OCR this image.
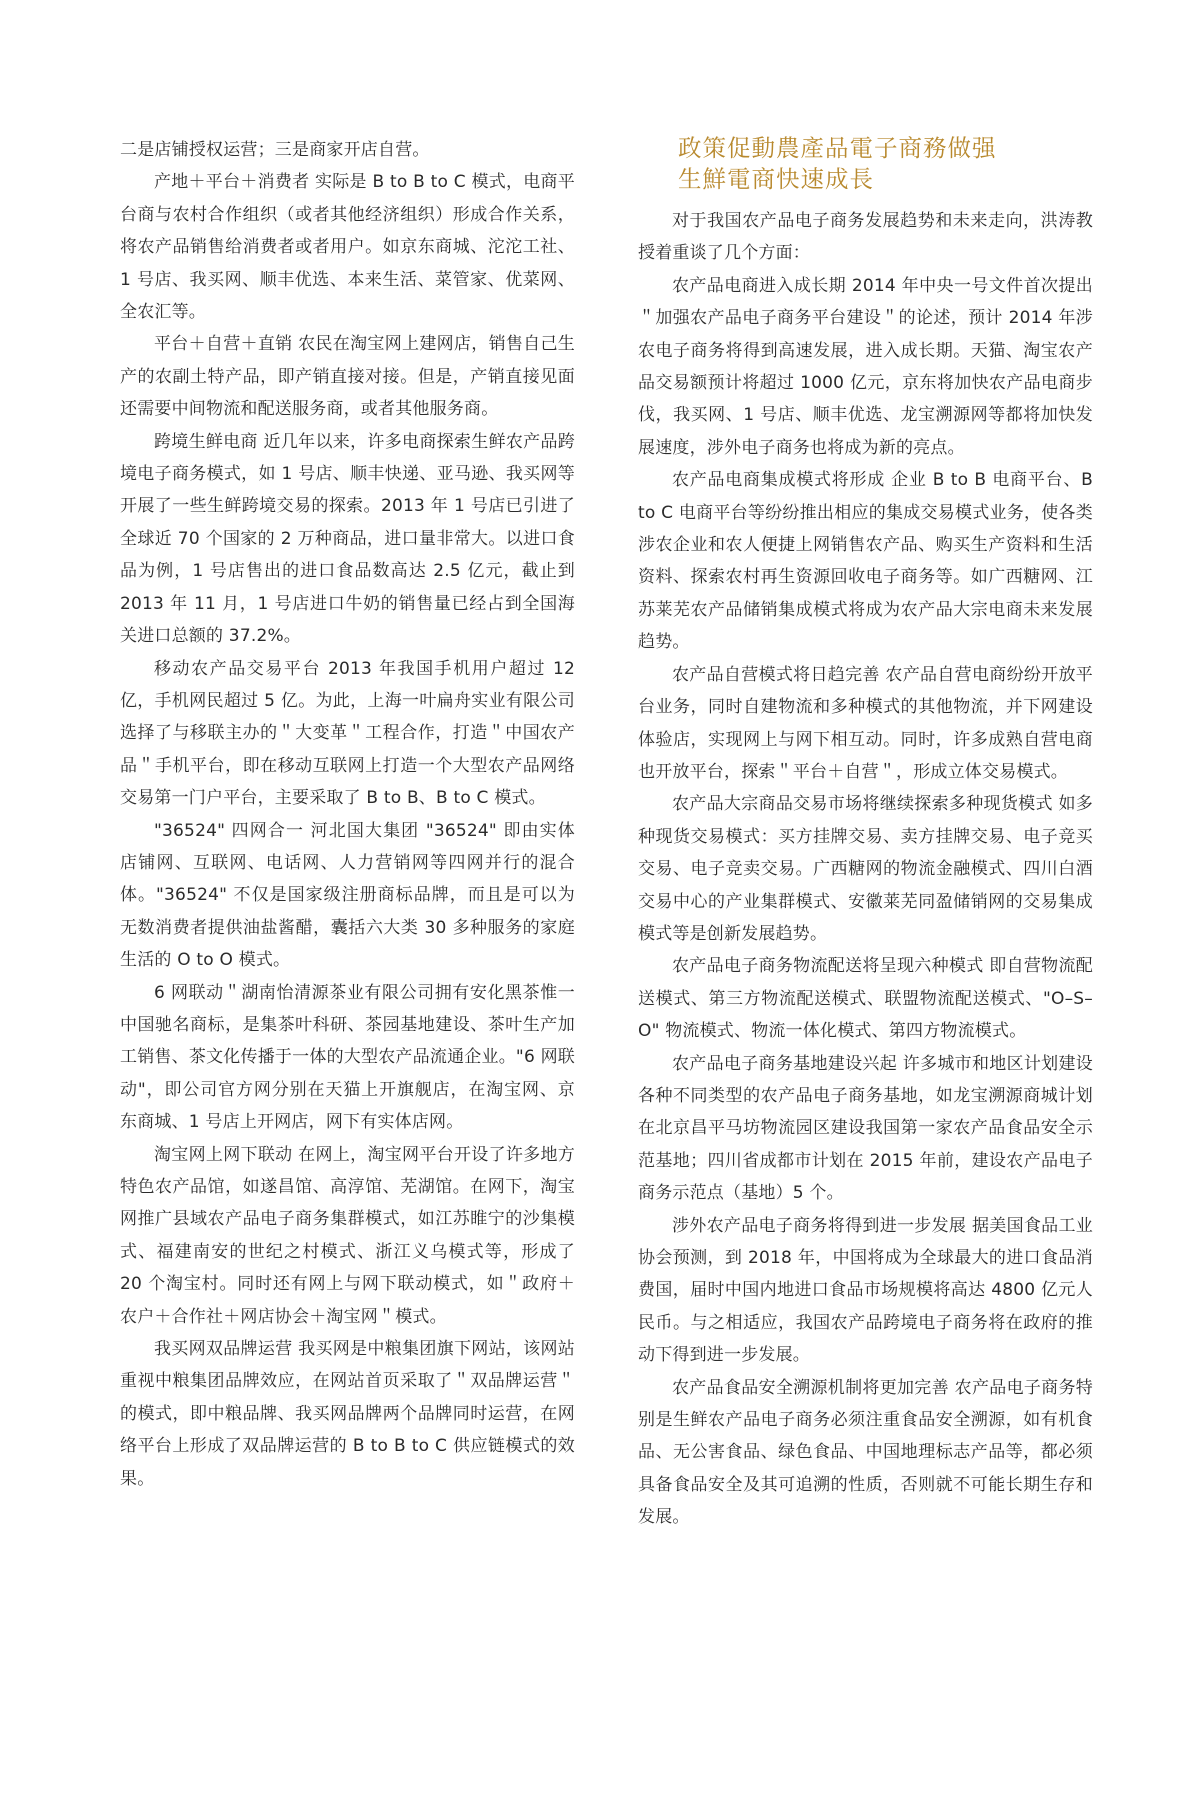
二是店铺授权运营；三是商家开店自营。

产地＋平台＋消费者 实际是 B to B to C 模式，电商平台商与农村合作组织（或者其他经济组织）形成合作关系，将农产品销售给消费者或者用户。如京东商城、沱沱工社、1 号店、我买网、顺丰优选、本来生活、菜管家、优菜网、全农汇等。

平台＋自营＋直销 农民在淘宝网上建网店，销售自己生产的农副土特产品，即产销直接对接。但是，产销直接见面还需要中间物流和配送服务商，或者其他服务商。

跨境生鲜电商 近几年以来，许多电商探索生鲜农产品跨境电子商务模式，如 1 号店、顺丰快递、亚马逊、我买网等开展了一些生鲜跨境交易的探索。2013 年 1 号店已引进了全球近 70 个国家的 2 万种商品，进口量非常大。以进口食品为例，1 号店售出的进口食品数高达 2.5 亿元，截止到 2013 年 11 月，1 号店进口牛奶的销售量已经占到全国海关进口总额的 37.2%。

移动农产品交易平台 2013 年我国手机用户超过 12 亿，手机网民超过 5 亿。为此，上海一叶扁舟实业有限公司选择了与移联主办的＂大变革＂工程合作，打造＂中国农产品＂手机平台，即在移动互联网上打造一个大型农产品网络交易第一门户平台，主要采取了 B to B、B to C 模式。

"36524" 四网合一 河北国大集团 "36524" 即由实体店铺网、互联网、电话网、人力营销网等四网并行的混合体。"36524" 不仅是国家级注册商标品牌，而且是可以为无数消费者提供油盐酱醋，囊括六大类 30 多种服务的家庭生活的 O to O 模式。

6 网联动＂湖南怡清源茶业有限公司拥有安化黑茶惟一中国驰名商标，是集茶叶科研、茶园基地建设、茶叶生产加工销售、茶文化传播于一体的大型农产品流通企业。"6 网联动"，即公司官方网分别在天猫上开旗舰店，在淘宝网、京东商城、1 号店上开网店，网下有实体店网。

淘宝网上网下联动 在网上，淘宝网平台开设了许多地方特色农产品馆，如遂昌馆、高淳馆、芜湖馆。在网下，淘宝网推广县域农产品电子商务集群模式，如江苏睢宁的沙集模式、福建南安的世纪之村模式、浙江义乌模式等，形成了 20 个淘宝村。同时还有网上与网下联动模式，如＂政府＋农户＋合作社＋网店协会＋淘宝网＂模式。

我买网双品牌运营 我买网是中粮集团旗下网站，该网站重视中粮集团品牌效应，在网站首页采取了＂双品牌运营＂的模式，即中粮品牌、我买网品牌两个品牌同时运营，在网络平台上形成了双品牌运营的 B to B to C 供应链模式的效果。

政策促動農產品電子商務做强
生鮮電商快速成長

对于我国农产品电子商务发展趋势和未来走向，洪涛教授着重谈了几个方面：

农产品电商进入成长期 2014 年中央一号文件首次提出＂加强农产品电子商务平台建设＂的论述，预计 2014 年涉农电子商务将得到高速发展，进入成长期。天猫、淘宝农产品交易额预计将超过 1000 亿元，京东将加快农产品电商步伐，我买网、1 号店、顺丰优选、龙宝溯源网等都将加快发展速度，涉外电子商务也将成为新的亮点。

农产品电商集成模式将形成 企业 B to B 电商平台、B to C 电商平台等纷纷推出相应的集成交易模式业务，使各类涉农企业和农人便捷上网销售农产品、购买生产资料和生活资料、探索农村再生资源回收电子商务等。如广西糖网、江苏莱芜农产品储销集成模式将成为农产品大宗电商未来发展趋势。

农产品自营模式将日趋完善 农产品自营电商纷纷开放平台业务，同时自建物流和多种模式的其他物流，并下网建设体验店，实现网上与网下相互动。同时，许多成熟自营电商也开放平台，探索＂平台＋自营＂，形成立体交易模式。

农产品大宗商品交易市场将继续探索多种现货模式 如多种现货交易模式：买方挂牌交易、卖方挂牌交易、电子竞买交易、电子竞卖交易。广西糖网的物流金融模式、四川白酒交易中心的产业集群模式、安徽莱芜同盈储销网的交易集成模式等是创新发展趋势。

农产品电子商务物流配送将呈现六种模式 即自营物流配送模式、第三方物流配送模式、联盟物流配送模式、"O–S–O" 物流模式、物流一体化模式、第四方物流模式。

农产品电子商务基地建设兴起 许多城市和地区计划建设各种不同类型的农产品电子商务基地，如龙宝溯源商城计划在北京昌平马坊物流园区建设我国第一家农产品食品安全示范基地；四川省成都市计划在 2015 年前，建设农产品电子商务示范点（基地）5 个。

涉外农产品电子商务将得到进一步发展 据美国食品工业协会预测，到 2018 年，中国将成为全球最大的进口食品消费国，届时中国内地进口食品市场规模将高达 4800 亿元人民币。与之相适应，我国农产品跨境电子商务将在政府的推动下得到进一步发展。

农产品食品安全溯源机制将更加完善 农产品电子商务特别是生鲜农产品电子商务必须注重食品安全溯源，如有机食品、无公害食品、绿色食品、中国地理标志产品等，都必须具备食品安全及其可追溯的性质，否则就不可能长期生存和发展。
